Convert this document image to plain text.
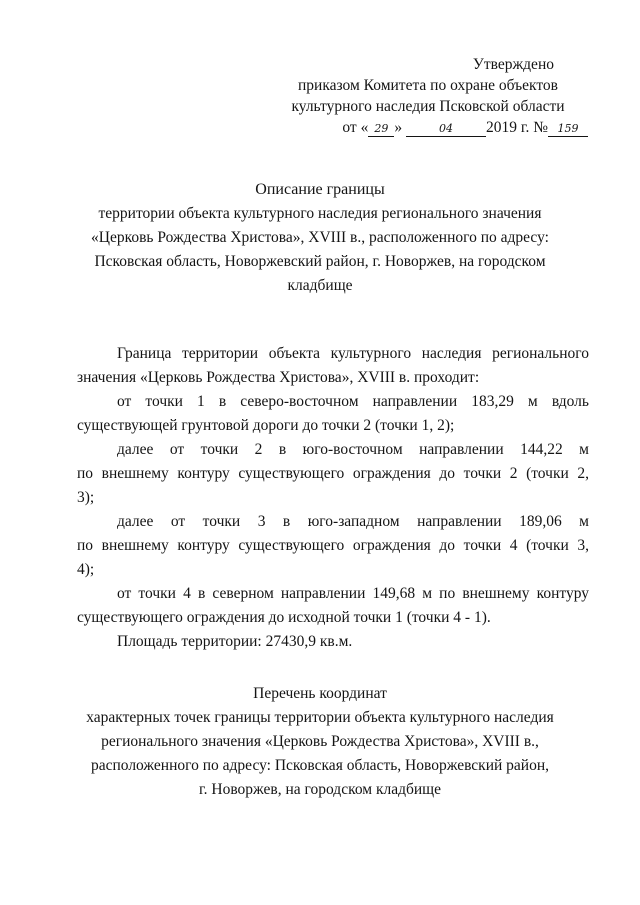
Утверждено
приказом Комитета по охране объектов
культурного наследия Псковской области
от « 29 »	04 2019 г. № 159
Описание границы
территории объекта культурного наследия регионального значения
«Церковь Рождества Христова», XVIII в., расположенного по адресу:
Псковская область, Новоржевский район, г. Новоржев, на городском
кладбище

Граница территории объекта культурного наследия регионального

значения «Церковь Рождества Христова», XVIII в. проходит:

от точки 1 в северо-восточном направлении 183,29 м вдоль

существующей грунтовой дороги до точки 2 (точки 1, 2);

далее от точки 2 в юго-восточном направлении 144,22 м

по внешнему контуру существующего ограждения до точки 2 (точки 2,

3);

далее от точки 3 в юго-западном направлении 189,06 м

по внешнему контуру существующего ограждения до точки 4 (точки 3,

4);

от точки 4 в северном направлении 149,68 м по внешнему контуру

существующего ограждения до исходной точки 1 (точки 4 - 1).

Площадь территории: 27430,9 кв.м.

Перечень координат
характерных точек границы территории объекта культурного наследия
регионального значения «Церковь Рождества Христова», XVIII в.,
расположенного по адресу: Псковская область, Новоржевский район,
г. Новоржев, на городском кладбище
